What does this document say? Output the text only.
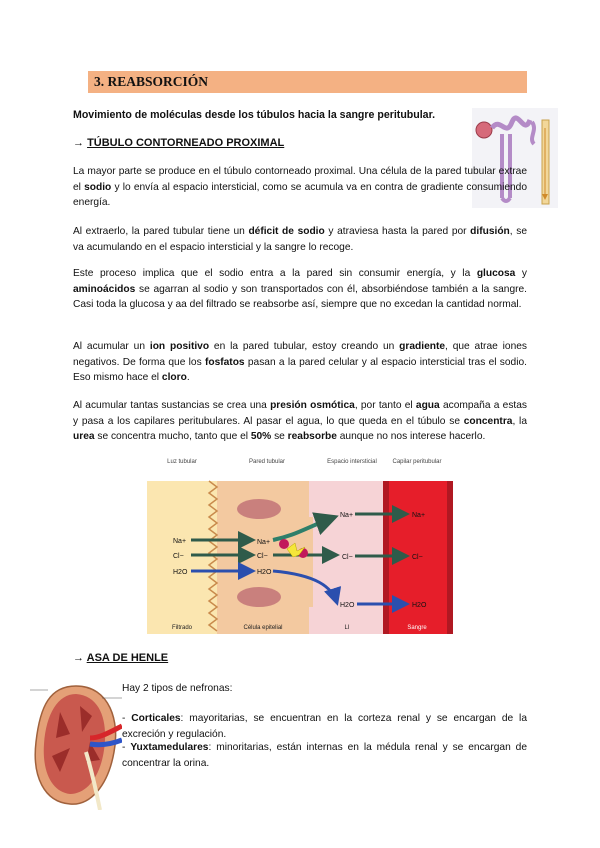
3. REABSORCIÓN
Movimiento de moléculas desde los túbulos hacia la sangre peritubular.
→ TÚBULO CONTORNEADO PROXIMAL
La mayor parte se produce en el túbulo contorneado proximal. Una célula de la pared tubular extrae el sodio y lo envía al espacio intersticial, como se acumula va en contra de gradiente consumiendo energía.
Al extraerlo, la pared tubular tiene un déficit de sodio y atraviesa hasta la pared por difusión, se va acumulando en el espacio intersticial y la sangre lo recoge.
Este proceso implica que el sodio entra a la pared sin consumir energía, y la glucosa y aminoácidos se agarran al sodio y son transportados con él, absorbiéndose también a la sangre. Casi toda la glucosa y aa del filtrado se reabsorbe así, siempre que no excedan la cantidad normal.
Al acumular un ion positivo en la pared tubular, estoy creando un gradiente, que atrae iones negativos. De forma que los fosfatos pasan a la pared celular y al espacio intersticial tras el sodio. Eso mismo hace el cloro.
Al acumular tantas sustancias se crea una presión osmótica, por tanto el agua acompaña a estas y pasa a los capilares peritubulares. Al pasar el agua, lo que queda en el túbulo se concentra, la urea se concentra mucho, tanto que el 50% se reabsorbe aunque no nos interese hacerlo.
Luz tubular	Pared tubular	Espacio intersticial	Capilar peritubular
Na+
Cl−
H2O
Na+
Cl−
H2O
Na+
Cl−
H2O
Na+
Cl−
H2O
Filtrado	Célula epitelial	LI	Sangre
→ ASA DE HENLE
Hay 2 tipos de nefronas:
- Corticales: mayoritarias, se encuentran en la corteza renal y se encargan de la excreción y regulación.
- Yuxtamedulares: minoritarias, están internas en la médula renal y se encargan de concentrar la orina.
